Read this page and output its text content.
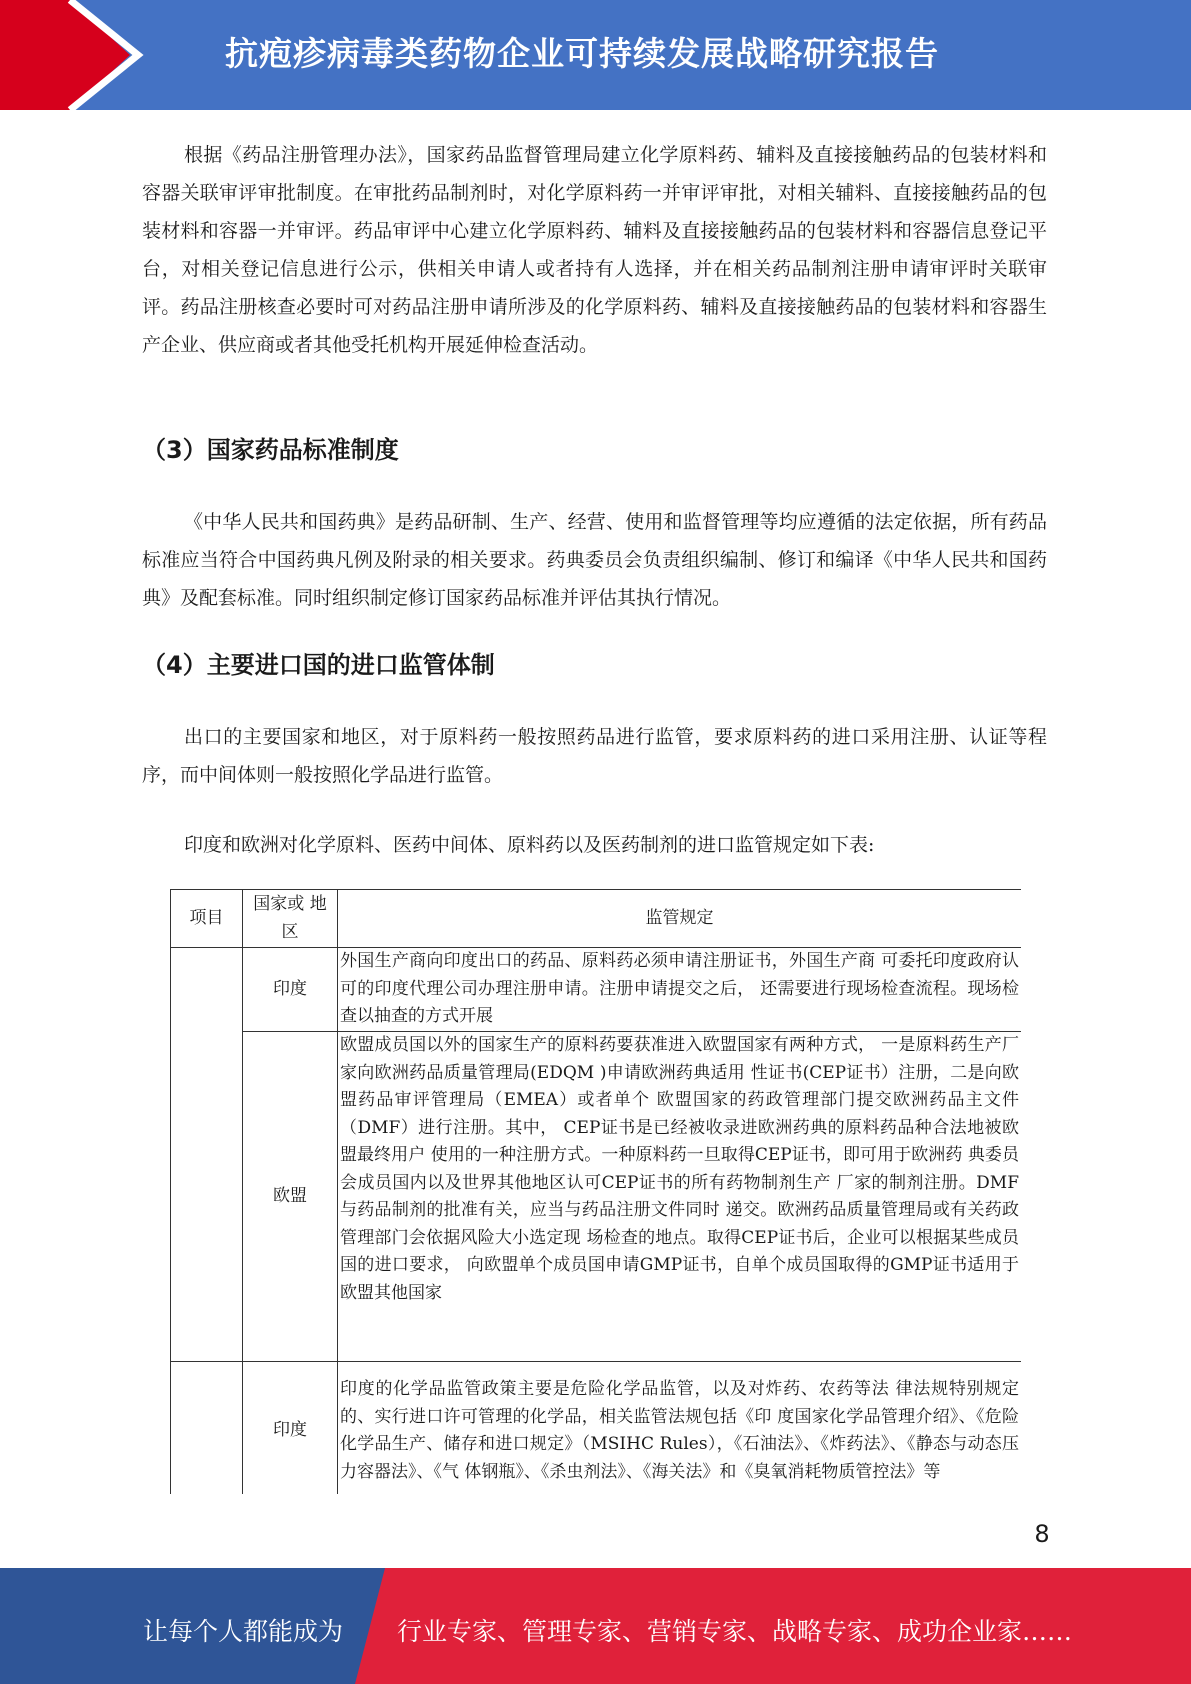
抗疱疹病毒类药物企业可持续发展战略研究报告

根据《药品注册管理办法》，国家药品监督管理局建立化学原料药、辅料及直接接触药品的包装材料和容器关联审评审批制度。在审批药品制剂时，对化学原料药一并审评审批，对相关辅料、直接接触药品的包装材料和容器一并审评。药品审评中心建立化学原料药、辅料及直接接触药品的包装材料和容器信息登记平台，对相关登记信息进行公示，供相关申请人或者持有人选择，并在相关药品制剂注册申请审评时关联审评。药品注册核查必要时可对药品注册申请所涉及的化学原料药、辅料及直接接触药品的包装材料和容器生产企业、供应商或者其他受托机构开展延伸检查活动。

（3）国家药品标准制度

《中华人民共和国药典》是药品研制、生产、经营、使用和监督管理等均应遵循的法定依据，所有药品标准应当符合中国药典凡例及附录的相关要求。药典委员会负责组织编制、修订和编译《中华人民共和国药典》及配套标准。同时组织制定修订国家药品标准并评估其执行情况。

（4）主要进口国的进口监管体制

出口的主要国家和地区，对于原料药一般按照药品进行监管，要求原料药的进口采用注册、认证等程序，而中间体则一般按照化学品进行监管。

印度和欧洲对化学原料、医药中间体、原料药以及医药制剂的进口监管规定如下表:

项目	国家或 地区	监管规定
	印度	外国生产商向印度出口的药品、原料药必须申请注册证书，外国生产商 可委托印度政府认可的印度代理公司办理注册申请。注册申请提交之后， 还需要进行现场检查流程。现场检查以抽查的方式开展
	欧盟	欧盟成员国以外的国家生产的原料药要获准进入欧盟国家有两种方式， 一是原料药生产厂家向欧洲药品质量管理局(EDQM )申请欧洲药典适用 性证书(CEP证书）注册，二是向欧盟药品审评管理局（EMEA）或者单个 欧盟国家的药政管理部门提交欧洲药品主文件（DMF）进行注册。其中， CEP证书是已经被收录进欧洲药典的原料药品种合法地被欧盟最终用户 使用的一种注册方式。一种原料药一旦取得CEP证书，即可用于欧洲药 典委员会成员国内以及世界其他地区认可CEP证书的所有药物制剂生产 厂家的制剂注册。DMF与药品制剂的批准有关，应当与药品注册文件同时 递交。欧洲药品质量管理局或有关药政管理部门会依据风险大小选定现 场检查的地点。取得CEP证书后，企业可以根据某些成员国的进口要求， 向欧盟单个成员国申请GMP证书，自单个成员国取得的GMP证书适用于 欧盟其他国家
	印度	印度的化学品监管政策主要是危险化学品监管，以及对炸药、农药等法 律法规特别规定的、实行进口许可管理的化学品，相关监管法规包括《印 度国家化学品管理介绍》、《危险化学品生产、储存和进口规定》（MSIHC Rules），《石油法》、《炸药法》、《静态与动态压力容器法》、《气 体钢瓶》、《杀虫剂法》、《海关法》和《臭氧消耗物质管控法》等
8
让每个人都能成为 行业专家、管理专家、营销专家、战略专家、成功企业家……
